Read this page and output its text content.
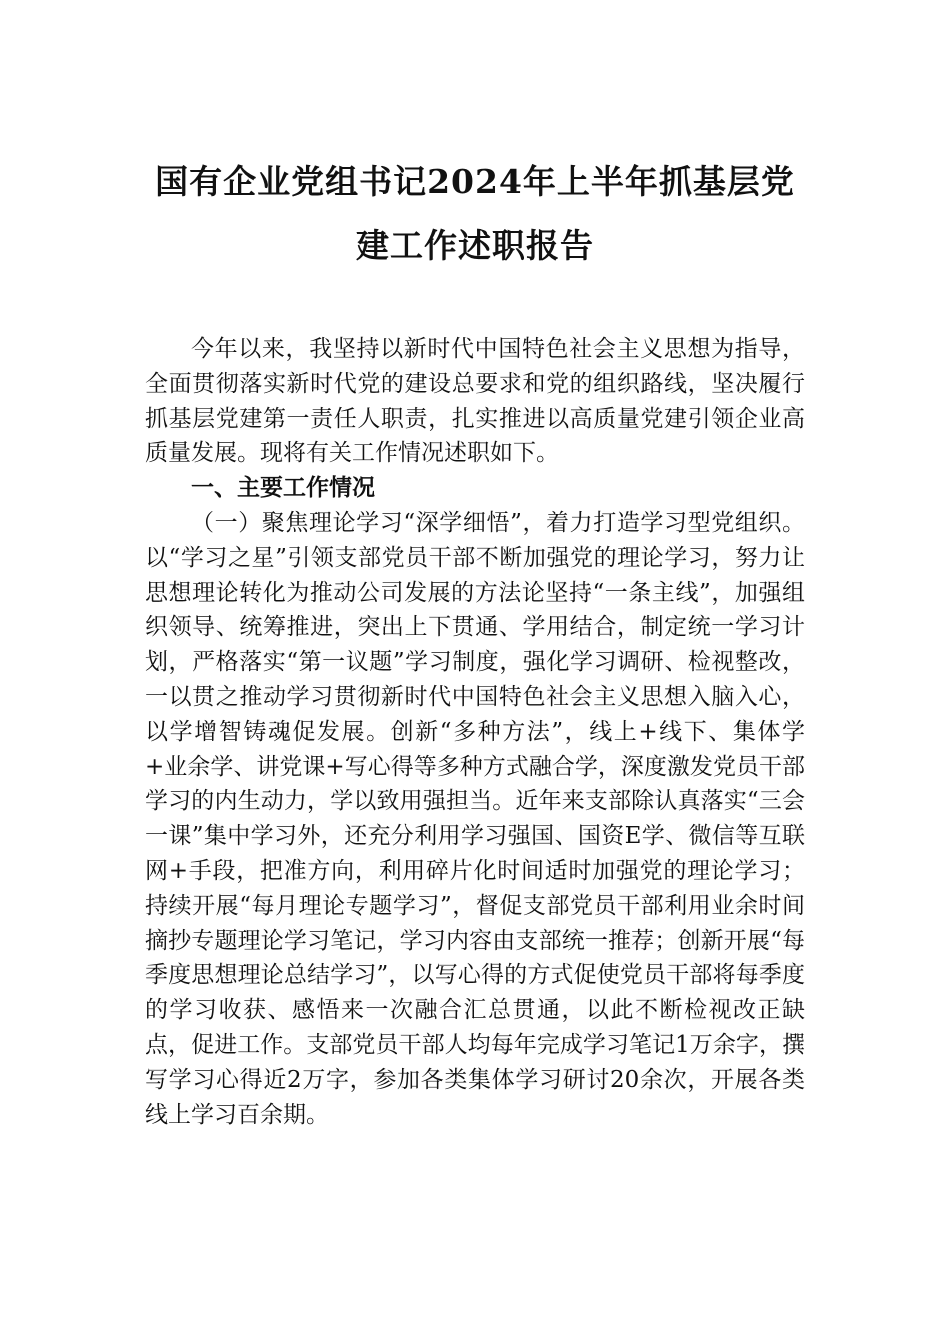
国有企业党组书记2024年上半年抓基层党
建工作述职报告

今年以来，我坚持以新时代中国特色社会主义思想为指导，全面贯彻落实新时代党的建设总要求和党的组织路线，坚决履行抓基层党建第一责任人职责，扎实推进以高质量党建引领企业高质量发展。现将有关工作情况述职如下。

一、主要工作情况

（一）聚焦理论学习“深学细悟”，着力打造学习型党组织。以“学习之星”引领支部党员干部不断加强党的理论学习，努力让思想理论转化为推动公司发展的方法论坚持“一条主线”，加强组织领导、统筹推进，突出上下贯通、学用结合，制定统一学习计划，严格落实“第一议题”学习制度，强化学习调研、检视整改，一以贯之推动学习贯彻新时代中国特色社会主义思想入脑入心，以学增智铸魂促发展。创新“多种方法”，线上+线下、集体学+业余学、讲党课+写心得等多种方式融合学，深度激发党员干部学习的内生动力，学以致用强担当。近年来支部除认真落实“三会一课”集中学习外，还充分利用学习强国、国资E学、微信等互联网+手段，把准方向，利用碎片化时间适时加强党的理论学习；持续开展“每月理论专题学习”，督促支部党员干部利用业余时间摘抄专题理论学习笔记，学习内容由支部统一推荐；创新开展“每季度思想理论总结学习”，以写心得的方式促使党员干部将每季度的学习收获、感悟来一次融合汇总贯通，以此不断检视改正缺点，促进工作。支部党员干部人均每年完成学习笔记1万余字，撰写学习心得近2万字，参加各类集体学习研讨20余次，开展各类线上学习百余期。
